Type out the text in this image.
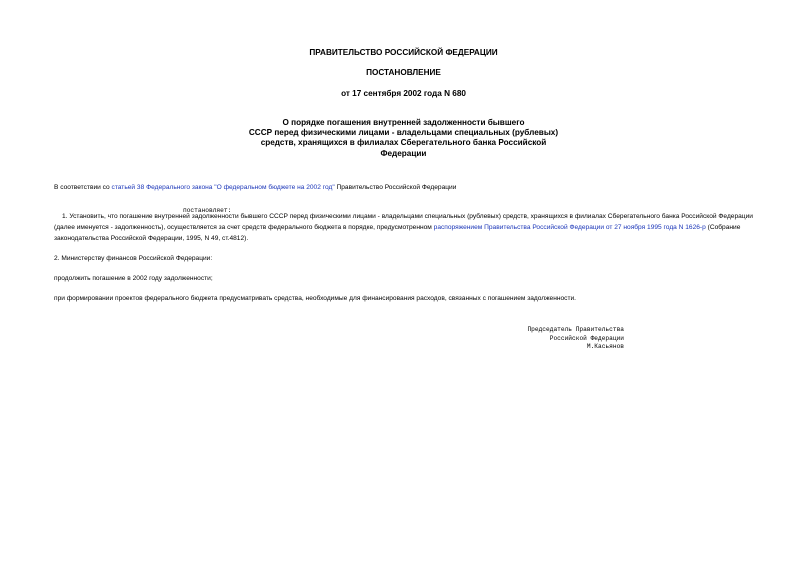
ПРАВИТЕЛЬСТВО РОССИЙСКОЙ ФЕДЕРАЦИИ
ПОСТАНОВЛЕНИЕ
от 17 сентября 2002 года N 680
О порядке погашения внутренней задолженности бывшего
СССР перед физическими лицами - владельцами специальных (рублевых)
средств, хранящихся в филиалах Сберегательного банка Российской
Федерации
В соответствии со статьей 38 Федерального закона "О федеральном бюджете на 2002 год" Правительство Российской Федерации
постановляет:
1. Установить, что погашение внутренней задолженности бывшего СССР перед физическими лицами - владельцами специальных (рублевых) средств, хранящихся в филиалах Сберегательного банка Российской Федерации (далее именуется - задолженность), осуществляется за счет средств федерального бюджета в порядке, предусмотренном распоряжением Правительства Российской Федерации от 27 ноября 1995 года N 1626-р (Собрание законодательства Российской Федерации, 1995, N 49, ст.4812).
2. Министерству финансов Российской Федерации:
продолжить погашение в 2002 году задолженности;
при формировании проектов федерального бюджета предусматривать средства, необходимые для финансирования расходов, связанных с погашением задолженности.
Председатель Правительства
Российской Федерации
М.Касьянов
